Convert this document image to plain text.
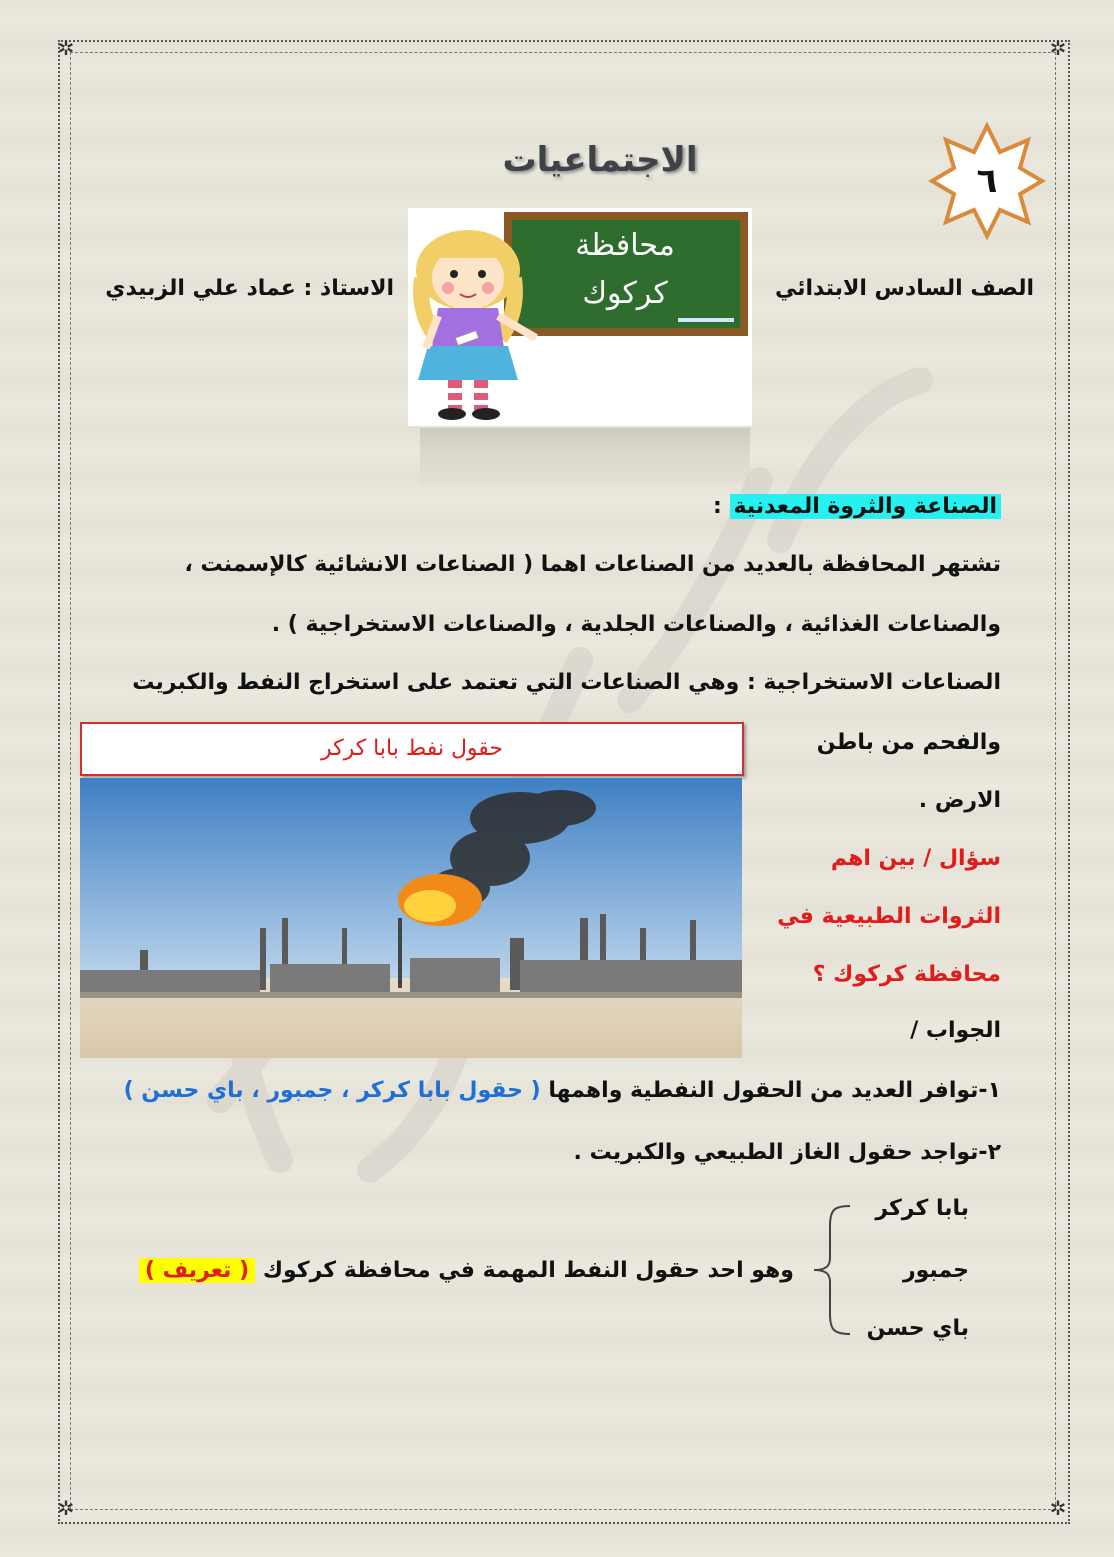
✲	✲
✲	✲
الاجتماعيات
٦
الصف السادس الابتدائي
الاستاذ : عماد علي الزبيدي
محافظة
كركوك
الصناعة والثروة المعدنية :
تشتهر المحافظة بالعديد من الصناعات اهما ( الصناعات الانشائية كالإسمنت ،
والصناعات الغذائية ، والصناعات الجلدية ، والصناعات الاستخراجية ) .
الصناعات الاستخراجية : وهي الصناعات التي تعتمد على استخراج النفط والكبريت
والفحم من باطن
الارض .
سؤال / بين اهم
الثروات الطبيعية في
محافظة كركوك ؟
الجواب /
حقول نفط بابا كركر
١-توافر العديد من الحقول النفطية واهمها ( حقول بابا كركر ، جمبور ، باي حسن )
٢-تواجد حقول الغاز الطبيعي والكبريت .
بابا كركر
جمبور
باي حسن
وهو احد حقول النفط المهمة في محافظة كركوك ( تعريف )
